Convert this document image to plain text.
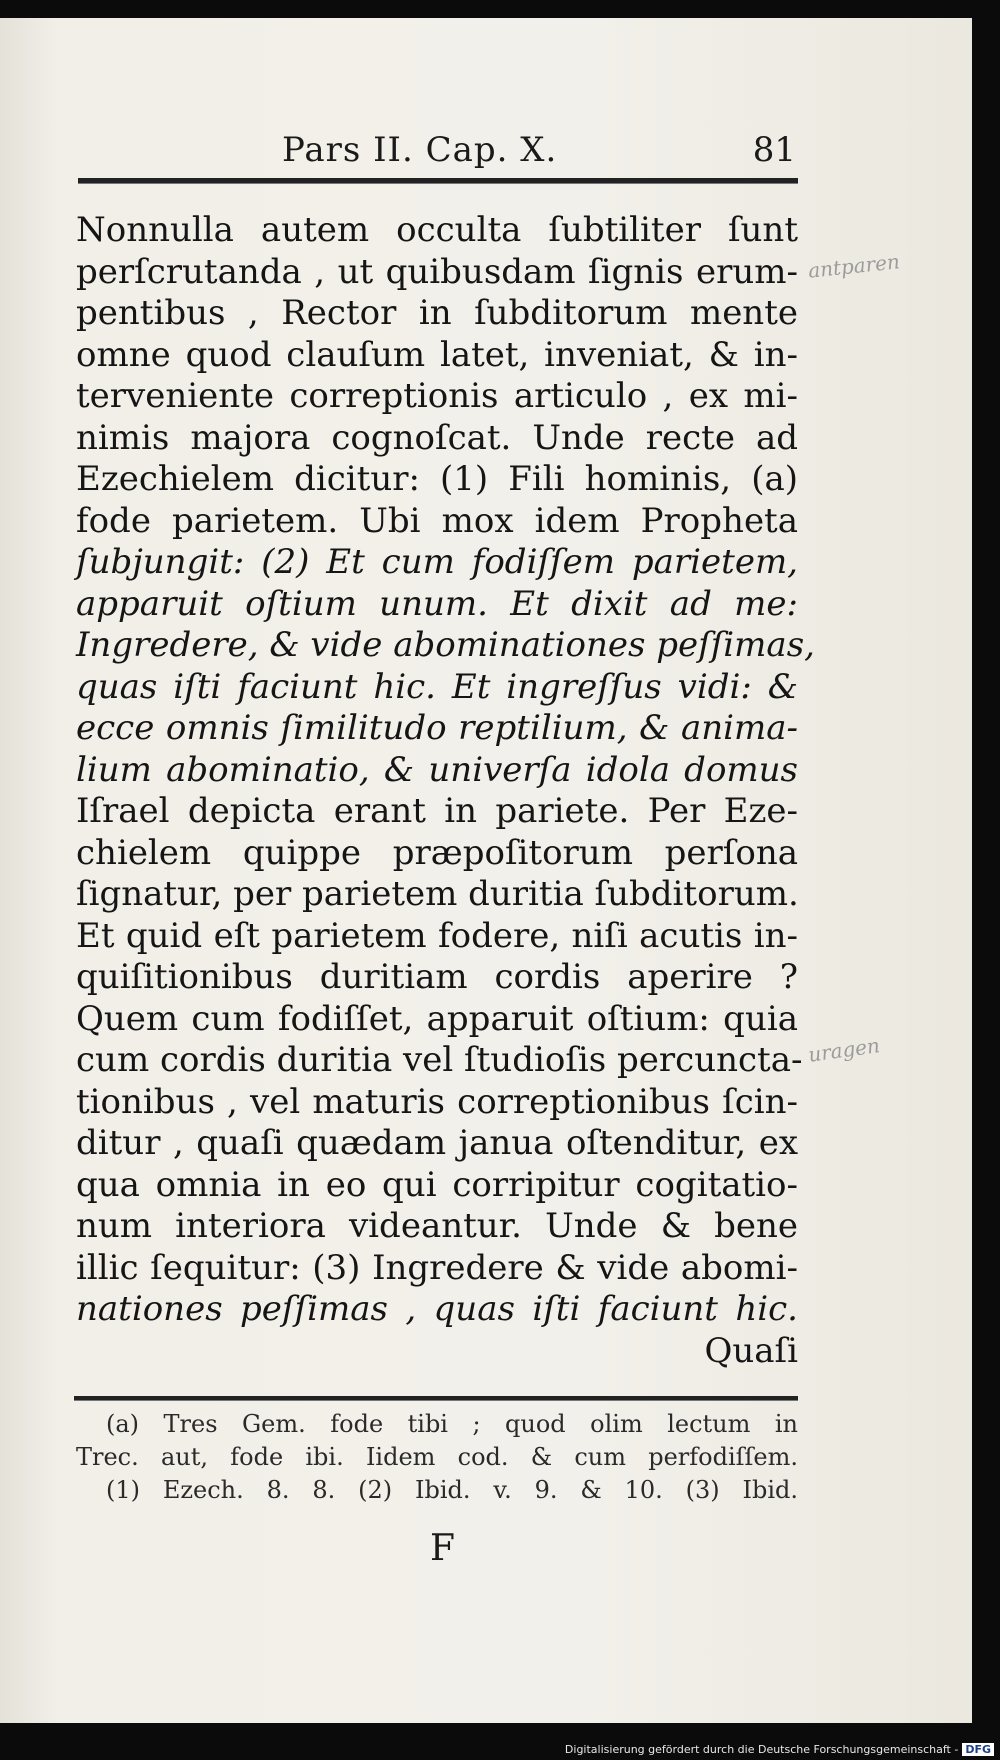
Pars II. Cap. X.	81
Nonnulla autem occulta ſubtiliter ſunt
perſcrutanda , ut quibusdam ſignis erum-
pentibus , Rector in ſubditorum mente
omne quod clauſum latet, inveniat, & in-
terveniente correptionis articulo , ex mi-
nimis majora cognoſcat. Unde recte ad
Ezechielem dicitur: (1) Fili hominis, (a)
fode parietem. Ubi mox idem Propheta
ſubjungit: (2) Et cum fodiſſem parietem,
apparuit oſtium unum. Et dixit ad me:
Ingredere, & vide abominationes peſſimas,
quas iſti faciunt hic. Et ingreſſus vidi: &
ecce omnis ſimilitudo reptilium, & anima-
lium abominatio, & univerſa idola domus
Iſrael depicta erant in pariete. Per Eze-
chielem quippe præpoſitorum perſona
ſignatur, per parietem duritia ſubditorum.
Et quid eſt parietem fodere, niſi acutis in-
quiſitionibus duritiam cordis aperire ?
Quem cum fodiſſet, apparuit oſtium: quia
cum cordis duritia vel ſtudioſis percuncta-
tionibus , vel maturis correptionibus ſcin-
ditur , quaſi quædam janua oſtenditur, ex
qua omnia in eo qui corripitur cogitatio-
num interiora videantur. Unde & bene
illic ſequitur: (3) Ingredere & vide abomi-
nationes peſſimas , quas iſti faciunt hic.
Quaſi
(a) Tres Gem. fode tibi ; quod olim lectum in
Trec. aut, fode ibi. Iidem cod. & cum perfodiſſem.
(1) Ezech. 8. 8. (2) Ibid. v. 9. & 10. (3) Ibid.
F
antparen
uragen
Digitalisierung gefördert durch die Deutsche Forschungsgemeinschaft - DFG
